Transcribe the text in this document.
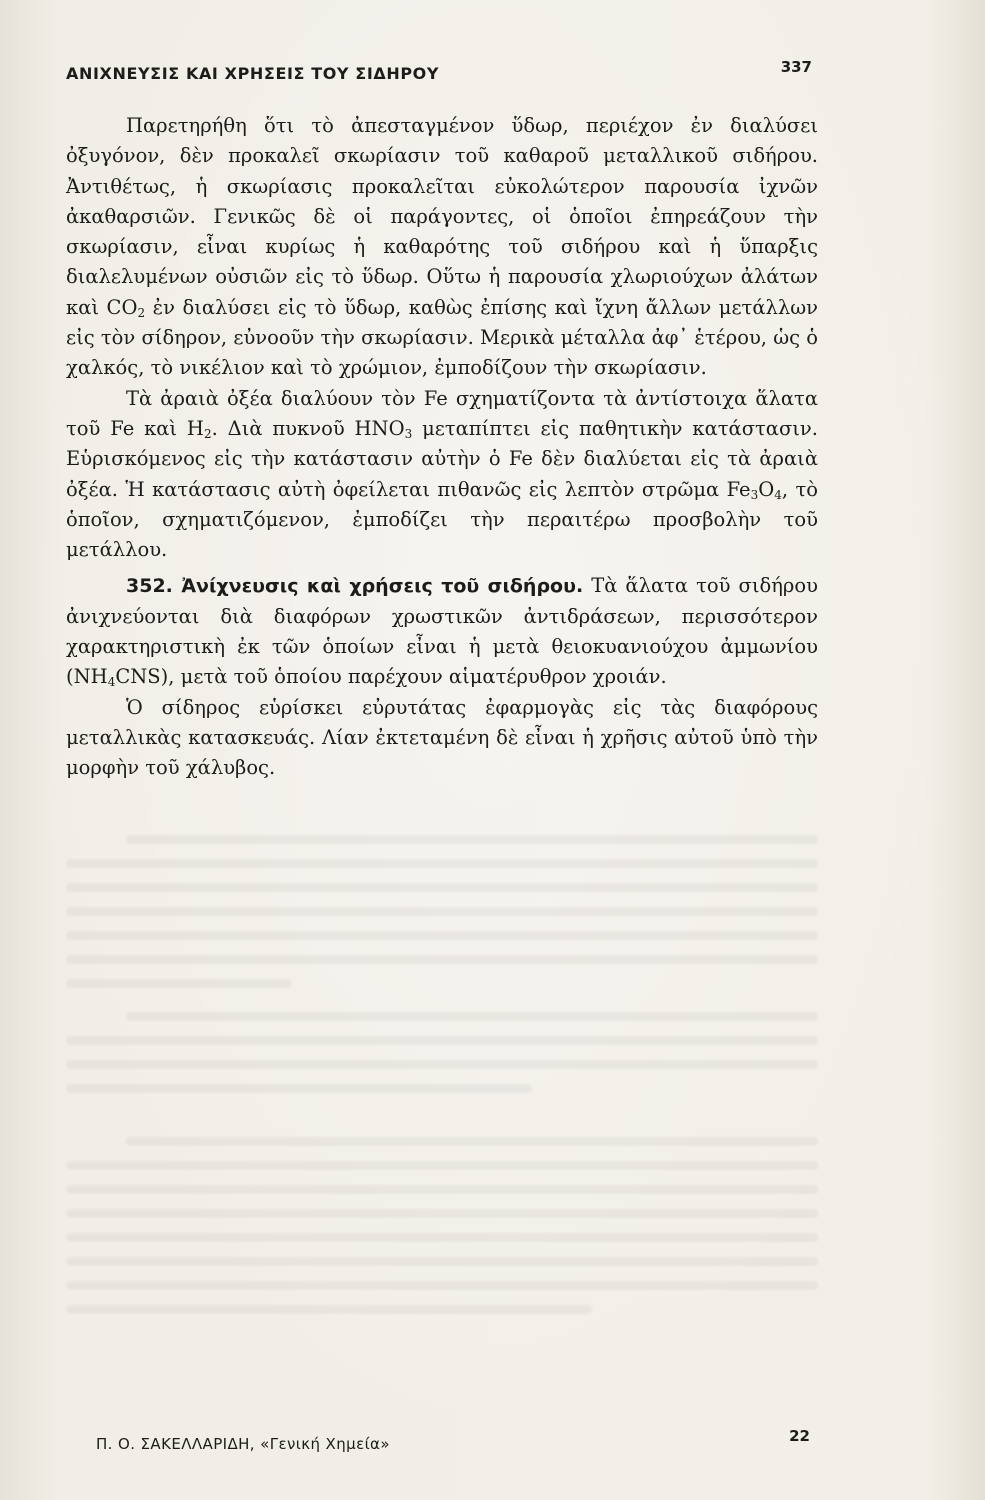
ΑΝΙΧΝΕΥΣΙΣ ΚΑΙ ΧΡΗΣΕΙΣ ΤΟΥ ΣΙΔΗΡΟΥ	337

Παρετηρήθη ὅτι τὸ ἀπεσταγμένον ὕδωρ, περιέχον ἐν διαλύσει ὀξυγόνον, δὲν προκαλεῖ σκωρίασιν τοῦ καθαροῦ μεταλλικοῦ σιδήρου. Ἀντιθέτως, ἡ σκωρίασις προκαλεῖται εὐκολώτερον παρουσία ἰχνῶν ἀκαθαρσιῶν. Γενικῶς δὲ οἱ παράγοντες, οἱ ὁποῖοι ἐπηρεάζουν τὴν σκωρίασιν, εἶναι κυρίως ἡ καθαρότης τοῦ σιδήρου καὶ ἡ ὕπαρξις διαλελυμένων οὐσιῶν εἰς τὸ ὕδωρ. Οὕτω ἡ παρουσία χλωριούχων ἀλάτων καὶ $CO_2$ ἐν διαλύσει εἰς τὸ ὕδωρ, καθὼς ἐπίσης καὶ ἴχνη ἄλλων μετάλλων εἰς τὸν σίδηρον, εὐνοοῦν τὴν σκωρίασιν. Μερικὰ μέταλλα ἀφ᾽ ἑτέρου, ὡς ὁ χαλκός, τὸ νικέλιον καὶ τὸ χρώμιον, ἐμποδίζουν τὴν σκωρίασιν.

Τὰ ἀραιὰ ὀξέα διαλύουν τὸν Fe σχηματίζοντα τὰ ἀντίστοιχα ἅλατα τοῦ Fe καὶ $H_2$. Διὰ πυκνοῦ $HNO_3$ μεταπίπτει εἰς παθητικὴν κατάστασιν. Εὑρισκόμενος εἰς τὴν κατάστασιν αὐτὴν ὁ Fe δὲν διαλύεται εἰς τὰ ἀραιὰ ὀξέα. Ἡ κατάστασις αὐτὴ ὀφείλεται πιθανῶς εἰς λεπτὸν στρῶμα $Fe_3O_4$, τὸ ὁποῖον, σχηματιζόμενον, ἐμποδίζει τὴν περαιτέρω προσβολὴν τοῦ μετάλλου.

352. Ἀνίχνευσις καὶ χρήσεις τοῦ σιδήρου. Τὰ ἅλατα τοῦ σιδήρου ἀνιχνεύονται διὰ διαφόρων χρωστικῶν ἀντιδράσεων, περισσότερον χαρακτηριστικὴ ἐκ τῶν ὁποίων εἶναι ἡ μετὰ θειοκυανιούχου ἀμμωνίου $(NH_4CNS)$, μετὰ τοῦ ὁποίου παρέχουν αἱματέρυθρον χροιάν.

Ὁ σίδηρος εὑρίσκει εὐρυτάτας ἐφαρμογὰς εἰς τὰς διαφόρους μεταλλικὰς κατασκευάς. Λίαν ἐκτεταμένη δὲ εἶναι ἡ χρῆσις αὐτοῦ ὑπὸ τὴν μορφὴν τοῦ χάλυβος.

Π. Ο. ΣΑΚΕΛΛΑΡΙΔΗ, «Γενική Χημεία»	22
